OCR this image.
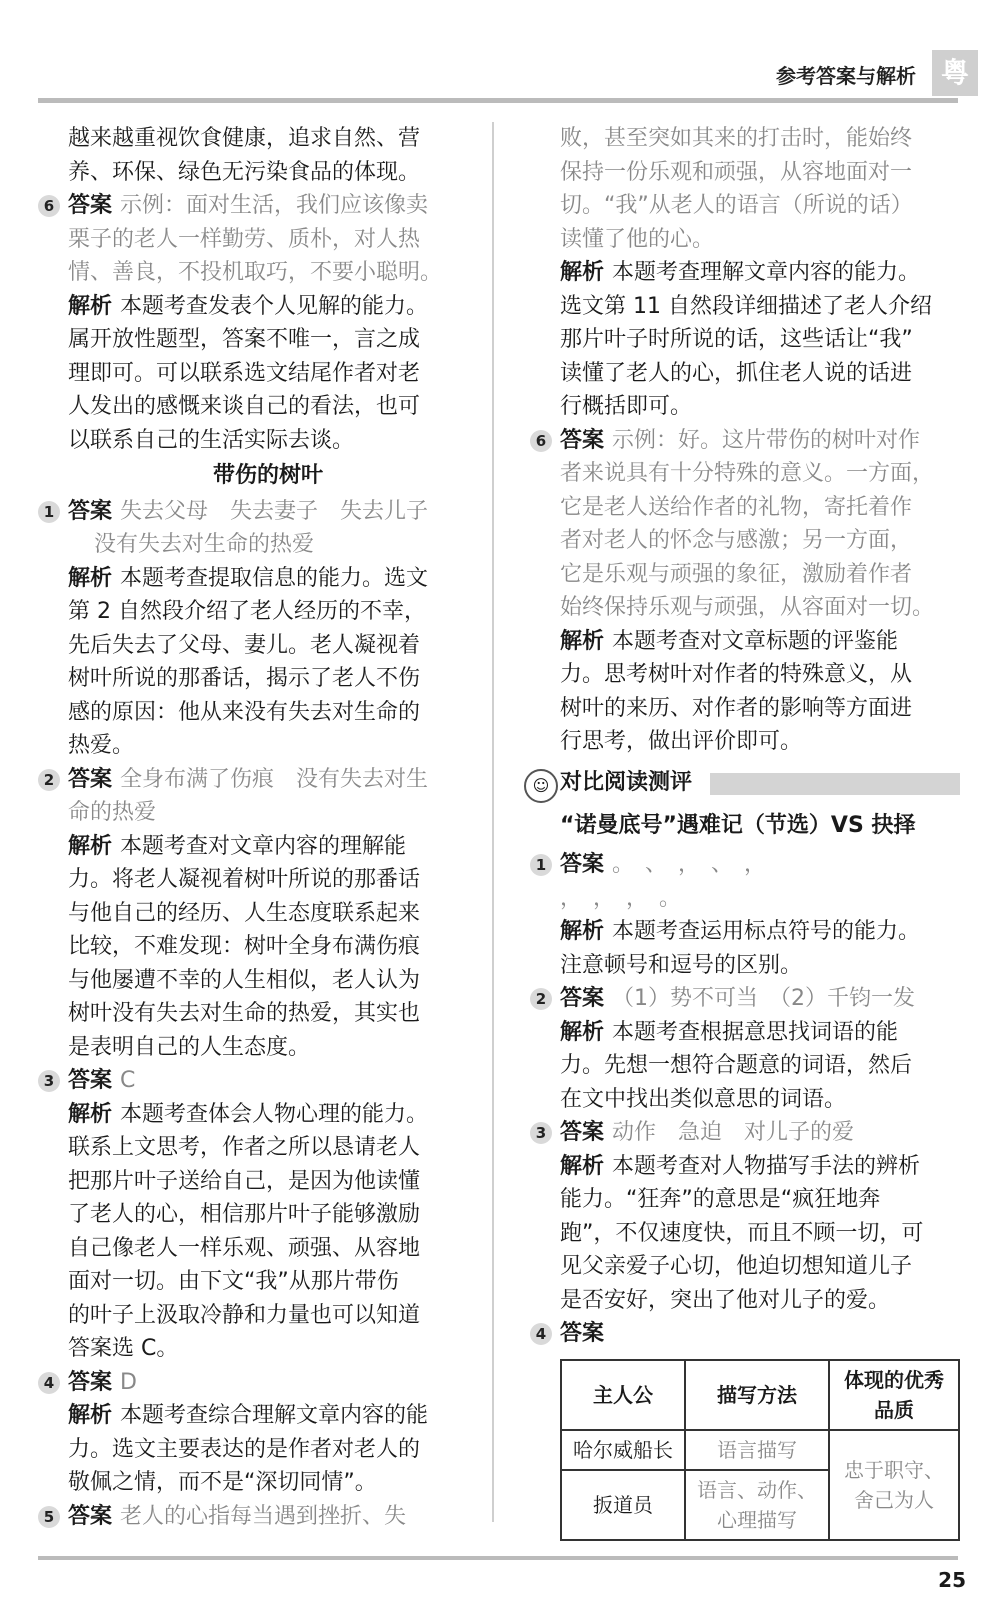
参考答案与解析 粤

越来越重视饮食健康，追求自然、营

养、环保、绿色无污染食品的体现。

6 答案 示例：面对生活，我们应该像卖

栗子的老人一样勤劳、质朴，对人热

情、善良，不投机取巧，不要小聪明。

解析 本题考查发表个人见解的能力。

属开放性题型，答案不唯一，言之成

理即可。可以联系选文结尾作者对老

人发出的感慨来谈自己的看法，也可

以联系自己的生活实际去谈。

带伤的树叶

1 答案 失去父母　失去妻子　失去儿子

没有失去对生命的热爱

解析 本题考查提取信息的能力。选文

第 2 自然段介绍了老人经历的不幸，

先后失去了父母、妻儿。老人凝视着

树叶所说的那番话，揭示了老人不伤

感的原因：他从来没有失去对生命的

热爱。

2 答案 全身布满了伤痕　没有失去对生

命的热爱

解析 本题考查对文章内容的理解能

力。将老人凝视着树叶所说的那番话

与他自己的经历、人生态度联系起来

比较，不难发现：树叶全身布满伤痕

与他屡遭不幸的人生相似，老人认为

树叶没有失去对生命的热爱，其实也

是表明自己的人生态度。

3 答案 C

解析 本题考查体会人物心理的能力。

联系上文思考，作者之所以恳请老人

把那片叶子送给自己，是因为他读懂

了老人的心，相信那片叶子能够激励

自己像老人一样乐观、顽强、从容地

面对一切。由下文“我”从那片带伤

的叶子上汲取冷静和力量也可以知道

答案选 C。

4 答案 D

解析 本题考查综合理解文章内容的能

力。选文主要表达的是作者对老人的

敬佩之情，而不是“深切同情”。

5 答案 老人的心指每当遇到挫折、失

败，甚至突如其来的打击时，能始终

保持一份乐观和顽强，从容地面对一

切。“我”从老人的语言（所说的话）

读懂了他的心。

解析 本题考查理解文章内容的能力。

选文第 11 自然段详细描述了老人介绍

那片叶子时所说的话，这些话让“我”

读懂了老人的心，抓住老人说的话进

行概括即可。

6 答案 示例：好。这片带伤的树叶对作

者来说具有十分特殊的意义。一方面，

它是老人送给作者的礼物，寄托着作

者对老人的怀念与感激；另一方面，

它是乐观与顽强的象征，激励着作者

始终保持乐观与顽强，从容面对一切。

解析 本题考查对文章标题的评鉴能

力。思考树叶对作者的特殊意义，从

树叶的来历、对作者的影响等方面进

行思考，做出评价即可。

☺ 对比阅读测评

“诺曼底号”遇难记（节选）VS 抉择

1 答案 。　、　，　、　，

，　，　，　。

解析 本题考查运用标点符号的能力。

注意顿号和逗号的区别。

2 答案 （1）势不可当　（2）千钧一发

解析 本题考查根据意思找词语的能

力。先想一想符合题意的词语，然后

在文中找出类似意思的词语。

3 答案 动作　急迫　对儿子的爱

解析 本题考查对人物描写手法的辨析

能力。“狂奔”的意思是“疯狂地奔

跑”，不仅速度快，而且不顾一切，可

见父亲爱子心切，他迫切想知道儿子

是否安好，突出了他对儿子的爱。

4 答案

主人公	描写方法	体现的优秀品质
哈尔威船长	语言描写	忠于职守、舍己为人
扳道员	语言、动作、心理描写	
25
